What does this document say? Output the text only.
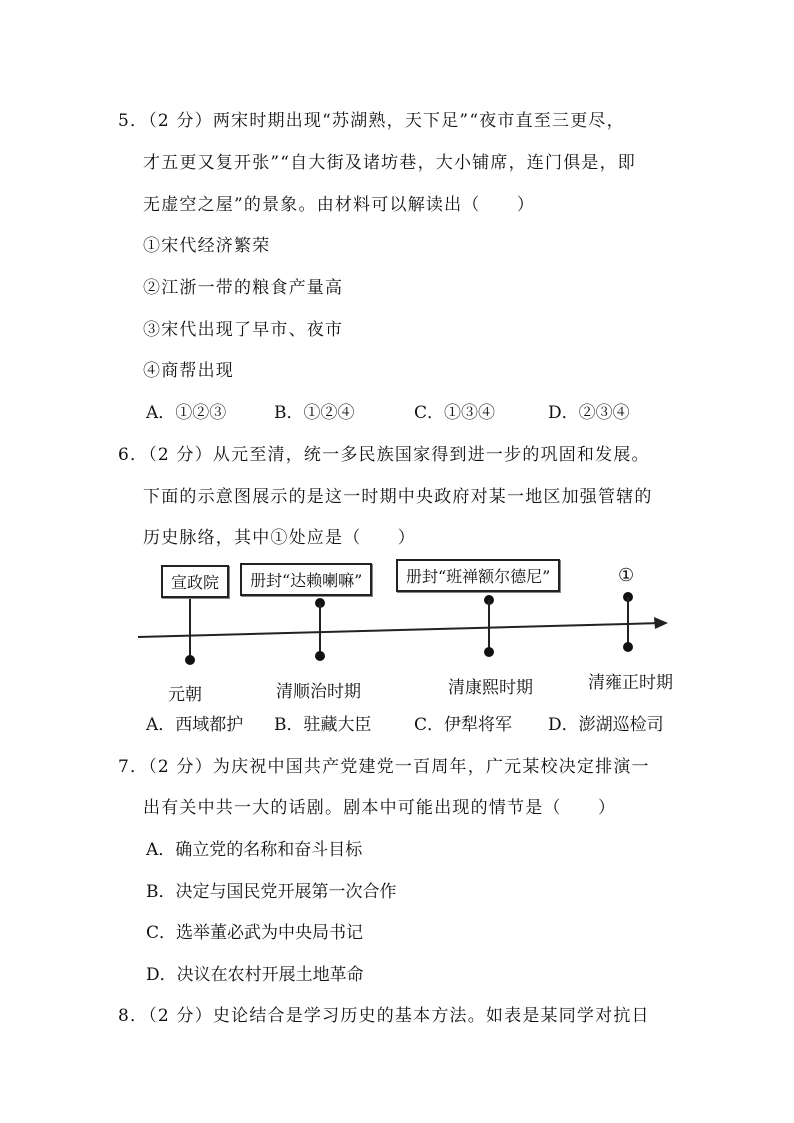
5．（2 分）两宋时期出现“苏湖熟，天下足”“夜市直至三更尽，
才五更又复开张”“自大街及诸坊巷，大小铺席，连门俱是，即
无虚空之屋”的景象。由材料可以解读出（　　）
①宋代经济繁荣
②江浙一带的粮食产量高
③宋代出现了早市、夜市
④商帮出现
A．①②③	B．①②④	C．①③④	D．②③④
6．（2 分）从元至清，统一多民族国家得到进一步的巩固和发展。
下面的示意图展示的是这一时期中央政府对某一地区加强管辖的
历史脉络，其中①处应是（　　）
宣政院	册封“达赖喇嘛”	册封“班禅额尔德尼”	①
元朝	清顺治时期	清康熙时期	清雍正时期
A．西域都护 B．驻藏大臣	C．伊犁将军 D．澎湖巡检司
7．（2 分）为庆祝中国共产党建党一百周年，广元某校决定排演一
出有关中共一大的话剧。剧本中可能出现的情节是（　　）
A．确立党的名称和奋斗目标
B．决定与国民党开展第一次合作
C．选举董必武为中央局书记
D．决议在农村开展土地革命
8．（2 分）史论结合是学习历史的基本方法。如表是某同学对抗日
